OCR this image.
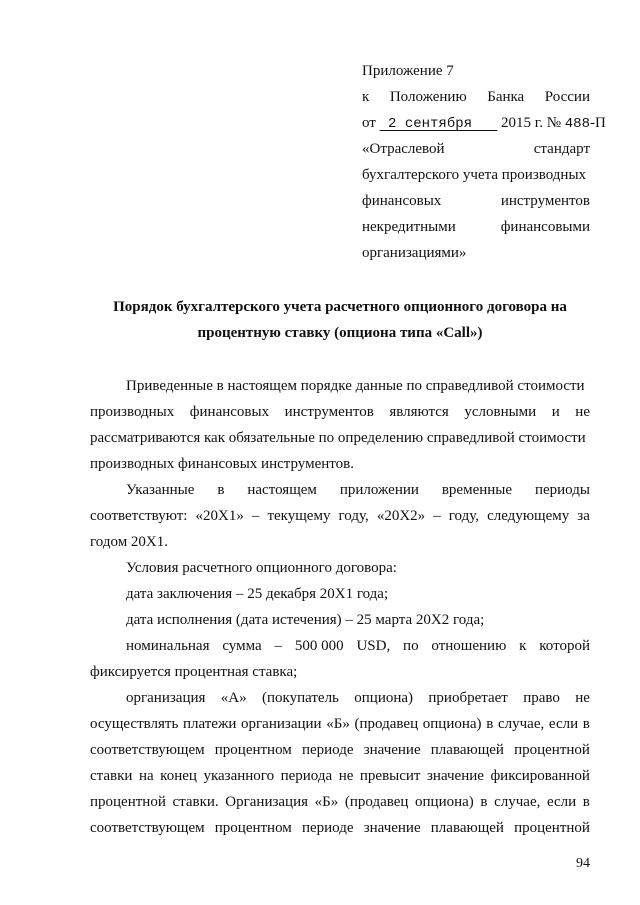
Приложение 7
к Положению Банка России
от 2 сентября 2015 г. № 488-П
«Отраслевой	стандарт
бухгалтерского учета производных
финансовых	инструментов
некредитными	финансовыми
организациями»
Порядок бухгалтерского учета расчетного опционного договора на
процентную ставку (опциона типа «Call»)
Приведенные в настоящем порядке данные по справедливой стоимости
производных финансовых инструментов являются условными и не
рассматриваются как обязательные по определению справедливой стоимости
производных финансовых инструментов.
Указанные в настоящем приложении временные периоды
соответствуют: «20Х1» – текущему году, «20Х2» – году, следующему за
годом 20Х1.
Условия расчетного опционного договора:
дата заключения – 25 декабря 20Х1 года;
дата исполнения (дата истечения) – 25 марта 20Х2 года;
номинальная сумма – 500 000 USD, по отношению к которой
фиксируется процентная ставка;
организация «А» (покупатель опциона) приобретает право не
осуществлять платежи организации «Б» (продавец опциона) в случае, если в
соответствующем процентном периоде значение плавающей процентной
ставки на конец указанного периода не превысит значение фиксированной
процентной ставки. Организация «Б» (продавец опциона) в случае, если в
соответствующем процентном периоде значение плавающей процентной
94
